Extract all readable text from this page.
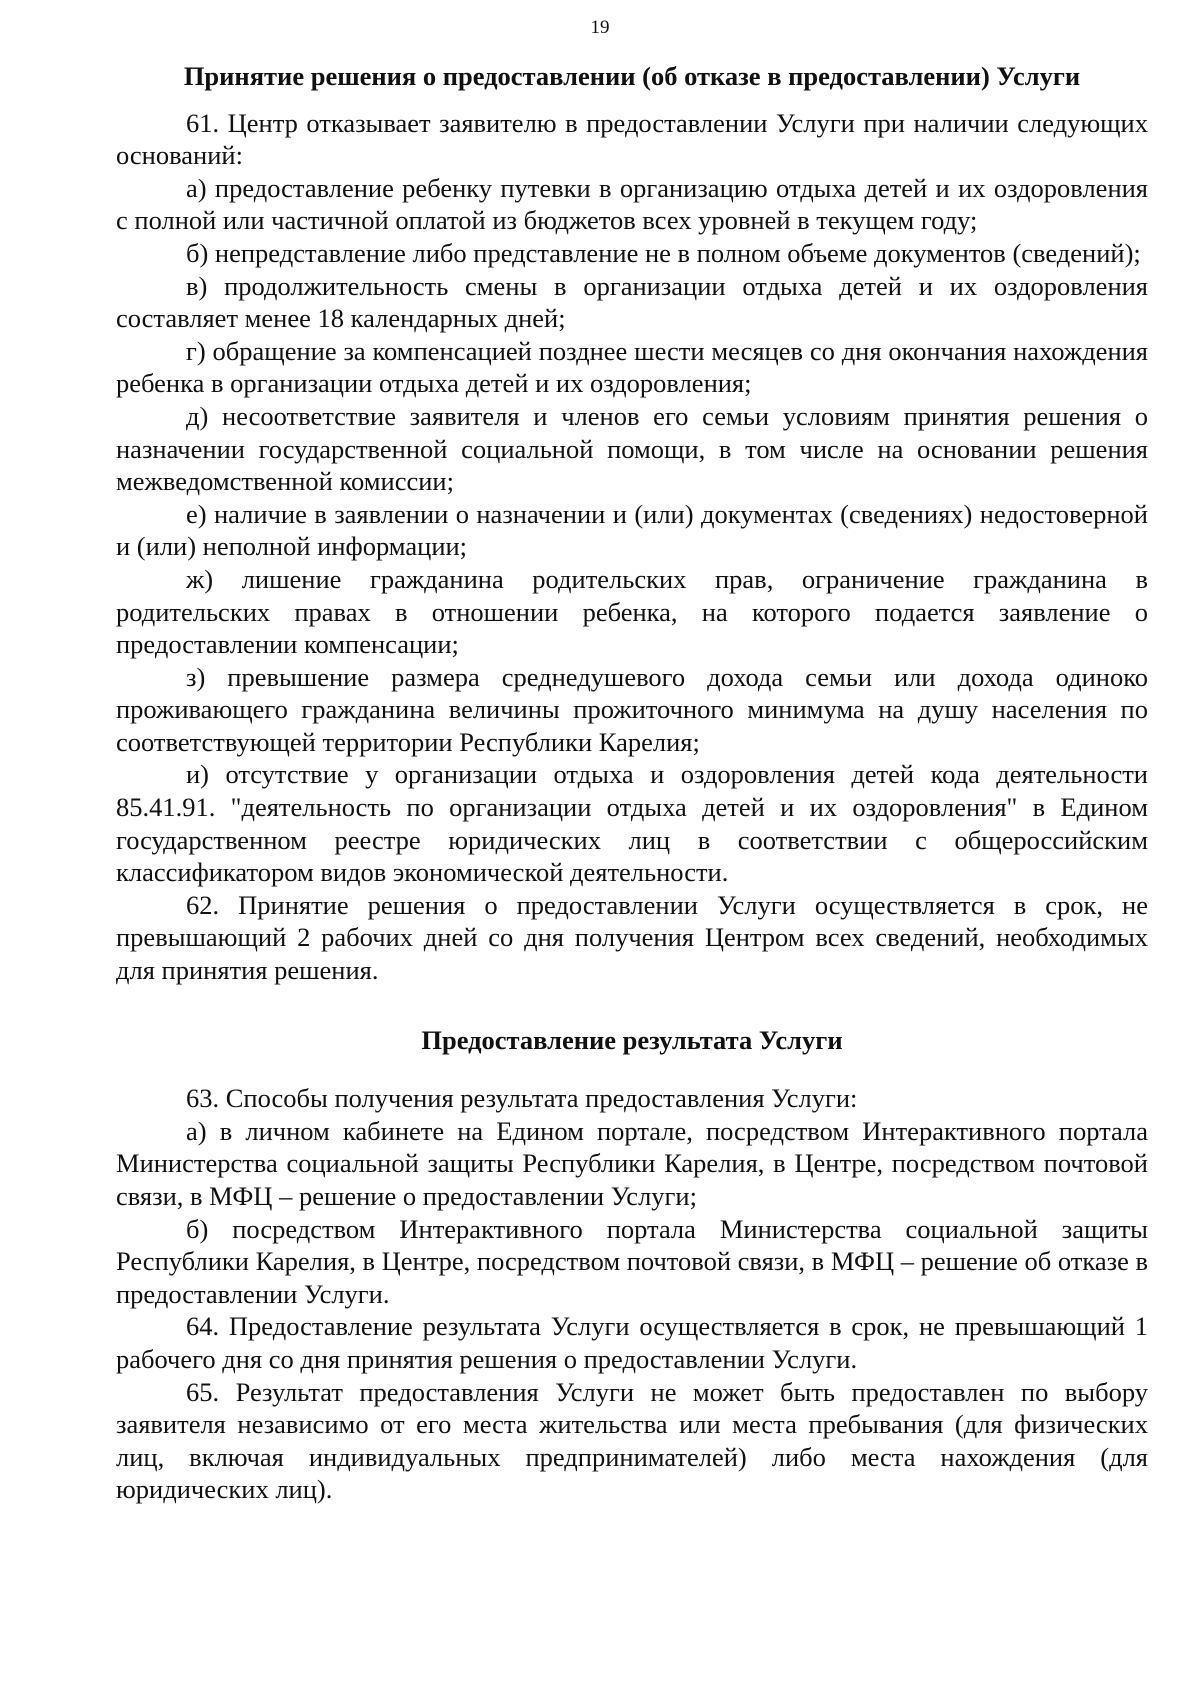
19
Принятие решения о предоставлении (об отказе в предоставлении) Услуги

61. Центр отказывает заявителю в предоставлении Услуги при наличии следующих оснований:

а) предоставление ребенку путевки в организацию отдыха детей и их оздоровления с полной или частичной оплатой из бюджетов всех уровней в текущем году;

б) непредставление либо представление не в полном объеме документов (сведений);

в) продолжительность смены в организации отдыха детей и их оздоровления составляет менее 18 календарных дней;

г) обращение за компенсацией позднее шести месяцев со дня окончания нахождения ребенка в организации отдыха детей и их оздоровления;

д) несоответствие заявителя и членов его семьи условиям принятия решения о назначении государственной социальной помощи, в том числе на основании решения межведомственной комиссии;

е) наличие в заявлении о назначении и (или) документах (сведениях) недостоверной и (или) неполной информации;

ж) лишение гражданина родительских прав, ограничение гражданина в родительских правах в отношении ребенка, на которого подается заявление о предоставлении компенсации;

з) превышение размера среднедушевого дохода семьи или дохода одиноко проживающего гражданина величины прожиточного минимума на душу населения по соответствующей территории Республики Карелия;

и) отсутствие у организации отдыха и оздоровления детей кода деятельности 85.41.91. "деятельность по организации отдыха детей и их оздоровления" в Едином государственном реестре юридических лиц в соответствии с общероссийским классификатором видов экономической деятельности.

62. Принятие решения о предоставлении Услуги осуществляется в срок, не превышающий 2 рабочих дней со дня получения Центром всех сведений, необходимых для принятия решения.

Предоставление результата Услуги

63. Способы получения результата предоставления Услуги:

а) в личном кабинете на Едином портале, посредством Интерактивного портала Министерства социальной защиты Республики Карелия, в Центре, посредством почтовой связи, в МФЦ – решение о предоставлении Услуги;

б) посредством Интерактивного портала Министерства социальной защиты Республики Карелия, в Центре, посредством почтовой связи, в МФЦ – решение об отказе в предоставлении Услуги.

64. Предоставление результата Услуги осуществляется в срок, не превышающий 1 рабочего дня со дня принятия решения о предоставлении Услуги.

65. Результат предоставления Услуги не может быть предоставлен по выбору заявителя независимо от его места жительства или места пребывания (для физических лиц, включая индивидуальных предпринимателей) либо места нахождения (для юридических лиц).
